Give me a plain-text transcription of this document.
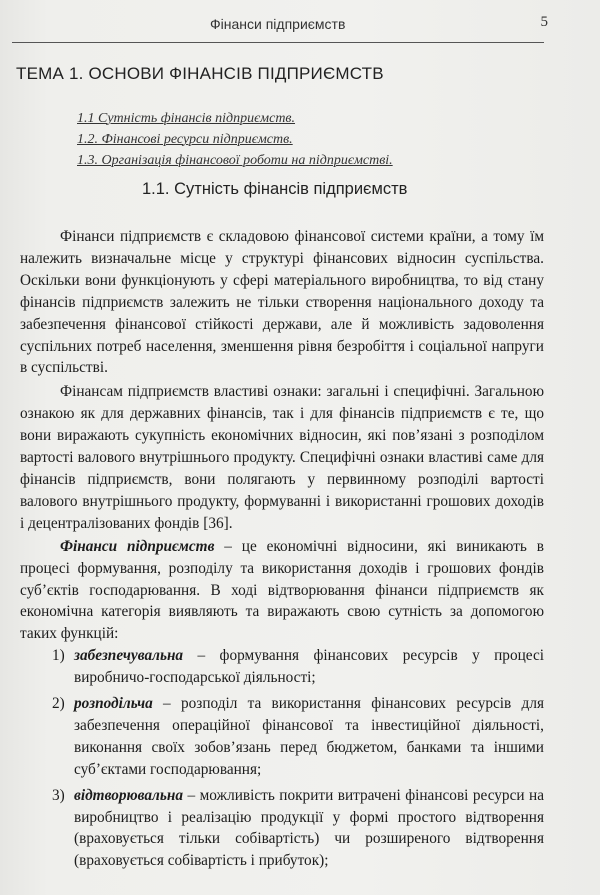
Фінанси підприємств	5
ТЕМА 1. ОСНОВИ ФІНАНСІВ ПІДПРИЄМСТВ
1.1 Сутність фінансів підприємств.
1.2. Фінансові ресурси підприємств.
1.3. Організація фінансової роботи на підприємстві.
1.1. Сутність фінансів підприємств

Фінанси підприємств є складовою фінансової системи країни, а тому їм належить визначальне місце у структурі фінансових відносин суспільства. Оскільки вони функціонують у сфері матеріального виробництва, то від стану фінансів підприємств залежить не тільки створення національного доходу та забезпечення фінансової стійкості держави, але й можливість задоволення суспільних потреб населення, зменшення рівня безробіття і соціальної напруги в суспільстві.

Фінансам підприємств властиві ознаки: загальні і специфічні. Загальною ознакою як для державних фінансів, так і для фінансів підприємств є те, що вони виражають сукупність економічних відносин, які пов’язані з розподілом вартості валового внутрішнього продукту. Специфічні ознаки властиві саме для фінансів підприємств, вони полягають у первинному розподілі вартості валового внутрішнього продукту, формуванні і використанні грошових доходів і децентралізованих фондів [36].

Фінанси підприємств – це економічні відносини, які виникають в процесі формування, розподілу та використання доходів і грошових фондів суб’єктів господарювання. В ході відтворювання фінанси підприємств як економічна категорія виявляють та виражають свою сутність за допомогою таких функцій:

1) забезпечувальна – формування фінансових ресурсів у процесі виробничо-господарської діяльності;
2) розподільча – розподіл та використання фінансових ресурсів для забезпечення операційної фінансової та інвестиційної діяльності, виконання своїх зобов’язань перед бюджетом, банками та іншими суб’єктами господарювання;
3) відтворювальна – можливість покрити витрачені фінансові ресурси на виробництво і реалізацію продукції у формі простого відтворення (враховується тільки собівартість) чи розширеного відтворення (враховується собівартість і прибуток);
